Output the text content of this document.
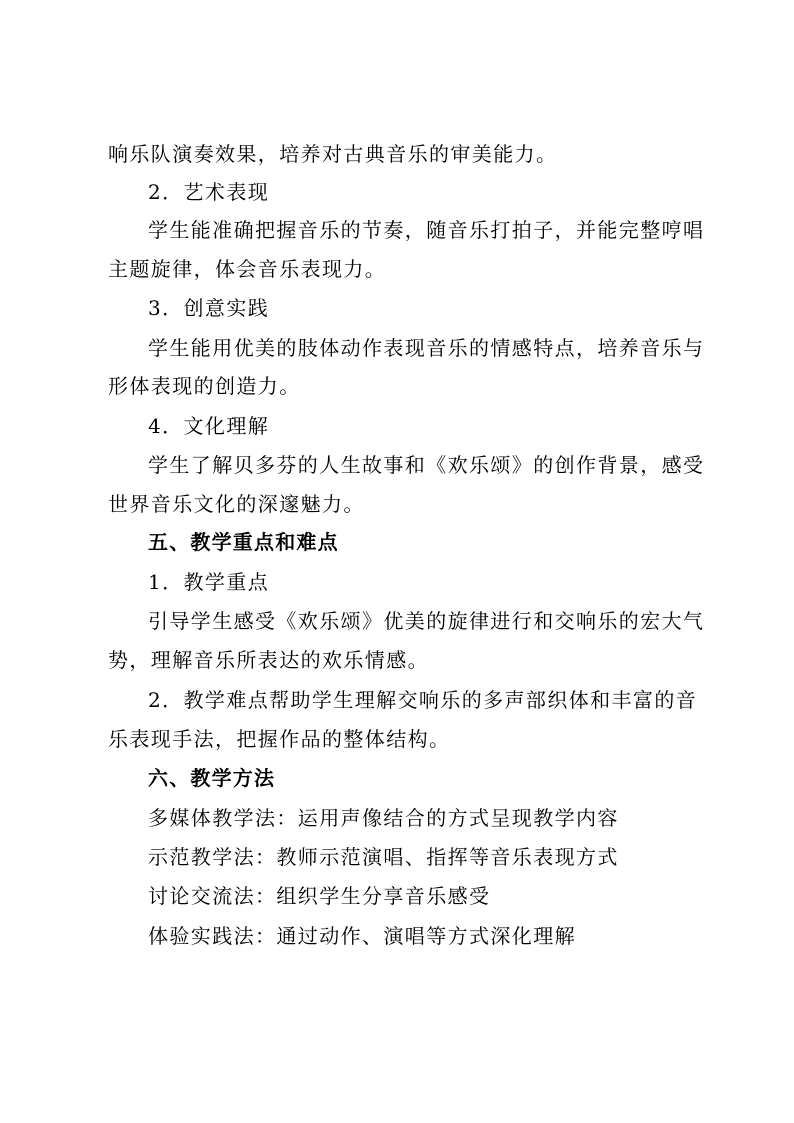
响乐队演奏效果，培养对古典音乐的审美能力。
2．艺术表现
学生能准确把握音乐的节奏，随音乐打拍子，并能完整哼唱
主题旋律，体会音乐表现力。
3．创意实践
学生能用优美的肢体动作表现音乐的情感特点，培养音乐与
形体表现的创造力。
4．文化理解
学生了解贝多芬的人生故事和《欢乐颂》的创作背景，感受
世界音乐文化的深邃魅力。
五、教学重点和难点
1．教学重点
引导学生感受《欢乐颂》优美的旋律进行和交响乐的宏大气
势，理解音乐所表达的欢乐情感。
2．教学难点帮助学生理解交响乐的多声部织体和丰富的音
乐表现手法，把握作品的整体结构。
六、教学方法
多媒体教学法：运用声像结合的方式呈现教学内容
示范教学法：教师示范演唱、指挥等音乐表现方式
讨论交流法：组织学生分享音乐感受
体验实践法：通过动作、演唱等方式深化理解
